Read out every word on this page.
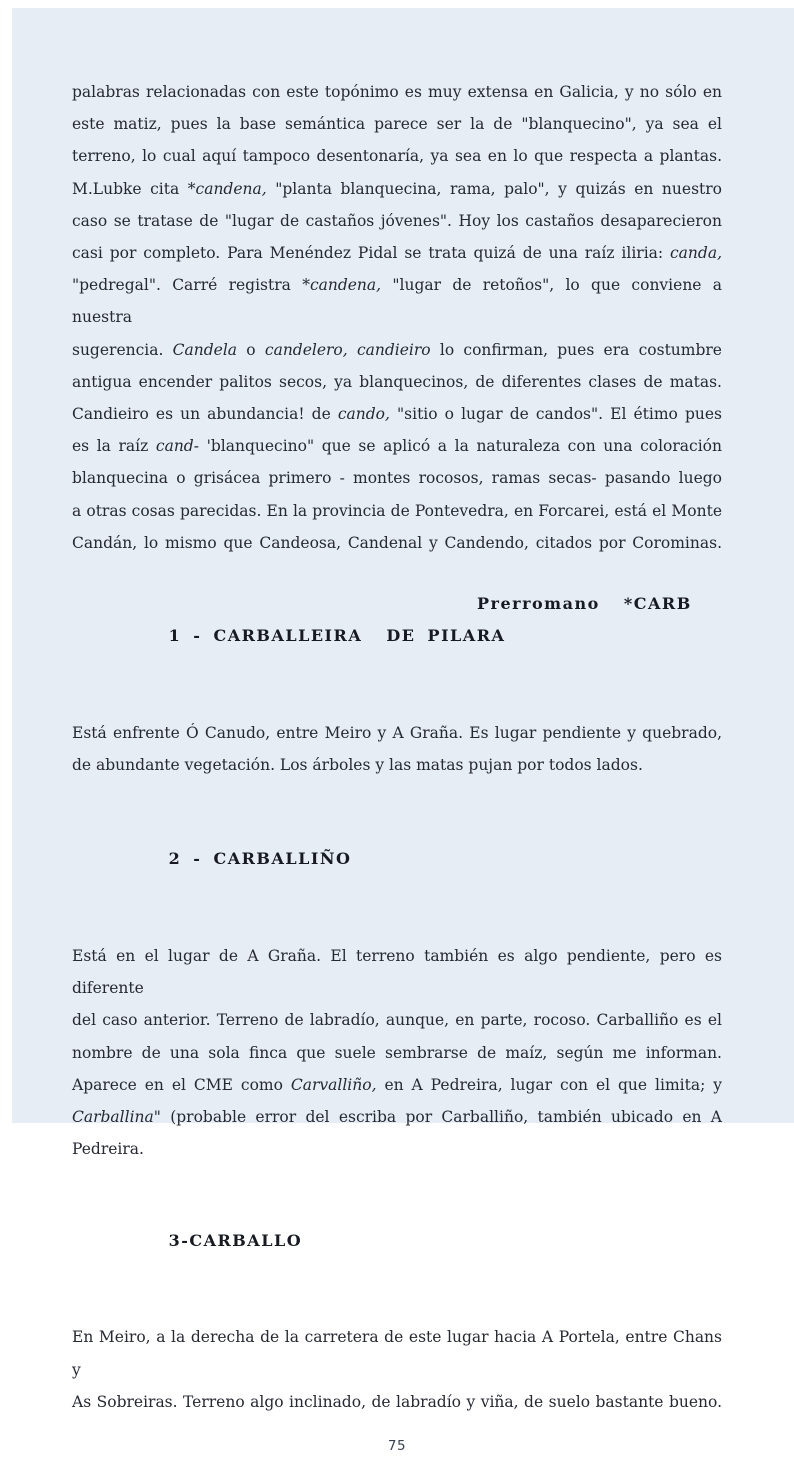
palabras relacionadas con este topónimo es muy extensa en Galicia, y no sólo en
este matiz, pues la base semántica parece ser la de "blanquecino", ya sea el
terreno, lo cual aquí tampoco desentonaría, ya sea en lo que respecta a plantas.
M.Lubke cita *candena, "planta blanquecina, rama, palo", y quizás en nuestro
caso se tratase de "lugar de castaños jóvenes". Hoy los castaños desaparecieron
casi por completo. Para Menéndez Pidal se trata quizá de una raíz iliria: canda,
"pedregal". Carré registra *candena, "lugar de retoños", lo que conviene a nuestra
sugerencia. Candela o candelero, candieiro lo confirman, pues era costumbre
antigua encender palitos secos, ya blanquecinos, de diferentes clases de matas.
Candieiro es un abundancia! de cando, "sitio o lugar de candos". El étimo pues
es la raíz cand- 'blanquecino" que se aplicó a la naturaleza con una coloración
blanquecina o grisácea primero - montes rocosos, ramas secas- pasando luego
a otras cosas parecidas. En la provincia de Pontevedra, en Forcarei, está el Monte
Candán, lo mismo que Candeosa, Candenal y Candendo, citados por Corominas.

1 - CARBALLEIRA  DE PILARA

Prerromano  *CARB

Está enfrente Ó Canudo, entre Meiro y A Graña. Es lugar pendiente y quebrado,
de abundante vegetación. Los árboles y las matas pujan por todos lados.

2 - CARBALLIÑO

Está en el lugar de A Graña. El terreno también es algo pendiente, pero es diferente
del caso anterior. Terreno de labradío, aunque, en parte, rocoso. Carballiño es el
nombre de una sola finca que suele sembrarse de maíz, según me informan.
Aparece en el CME como Carvalliño, en A Pedreira, lugar con el que limita; y
Carballina" (probable error del escriba por Carballiño, también ubicado en A
Pedreira.

3-CARBALLO

En Meiro, a la derecha de la carretera de este lugar hacia A Portela, entre Chans y
As Sobreiras. Terreno algo inclinado, de labradío y viña, de suelo bastante bueno.
75
